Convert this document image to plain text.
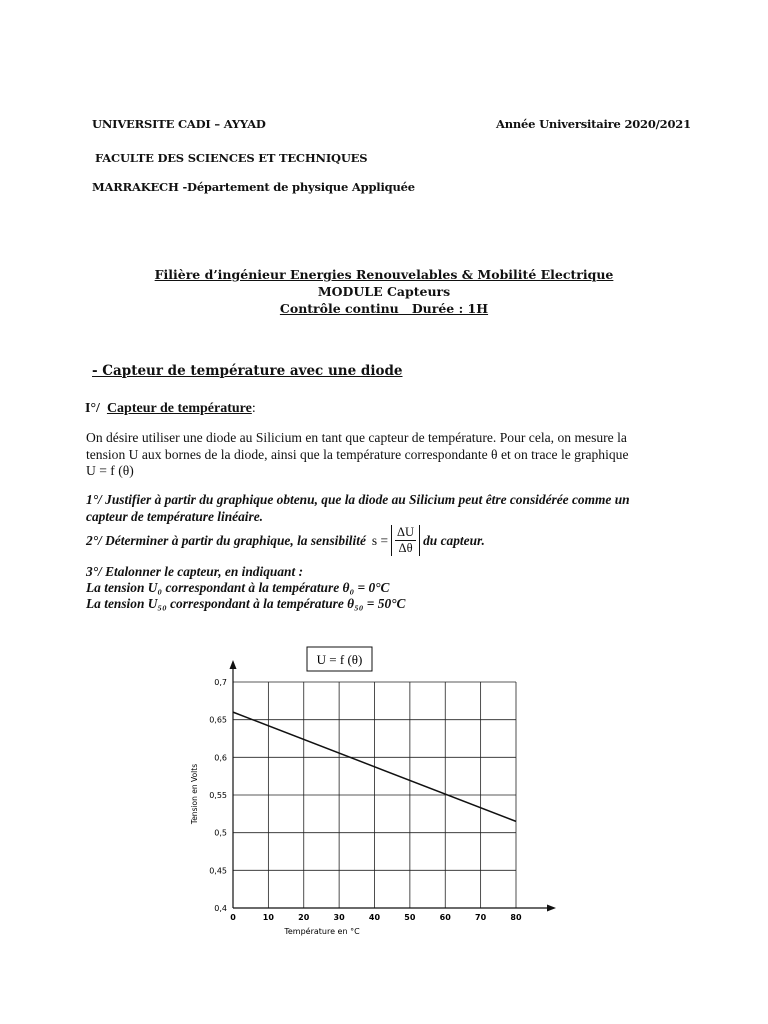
UNIVERSITE CADI – AYYAD	Année Universitaire 2020/2021
FACULTE DES SCIENCES ET TECHNIQUES
MARRAKECH -Département de physique Appliquée
Filière d’ingénieur Energies Renouvelables & Mobilité Electrique
MODULE Capteurs
Contrôle continu   Durée : 1H
- Capteur de température avec une diode
I°/ Capteur de température:
On désire utiliser une diode au Silicium en tant que capteur de température. Pour cela, on mesure la
tension U aux bornes de la diode, ainsi que la température correspondante θ et on trace le graphique
U = f (θ)
1°/ Justifier à partir du graphique obtenu, que la diode au Silicium peut être considérée comme un
capteur de température linéaire.
2°/ Déterminer à partir du graphique, la sensibilité $s = \frac{\Delta U}{\Delta\theta}$ du capteur.
3°/ Etalonner le capteur, en indiquant :
La tension U₀ correspondant à la température θ₀ = 0°C
La tension U₅₀ correspondant à la température θ₅₀ = 50°C
0	10	20	30	40	50	60	70	80
0,4
0,45
0,5
0,55
0,6
0,65
0,7
U = f (θ)
Température en °C
Tension en Volts
